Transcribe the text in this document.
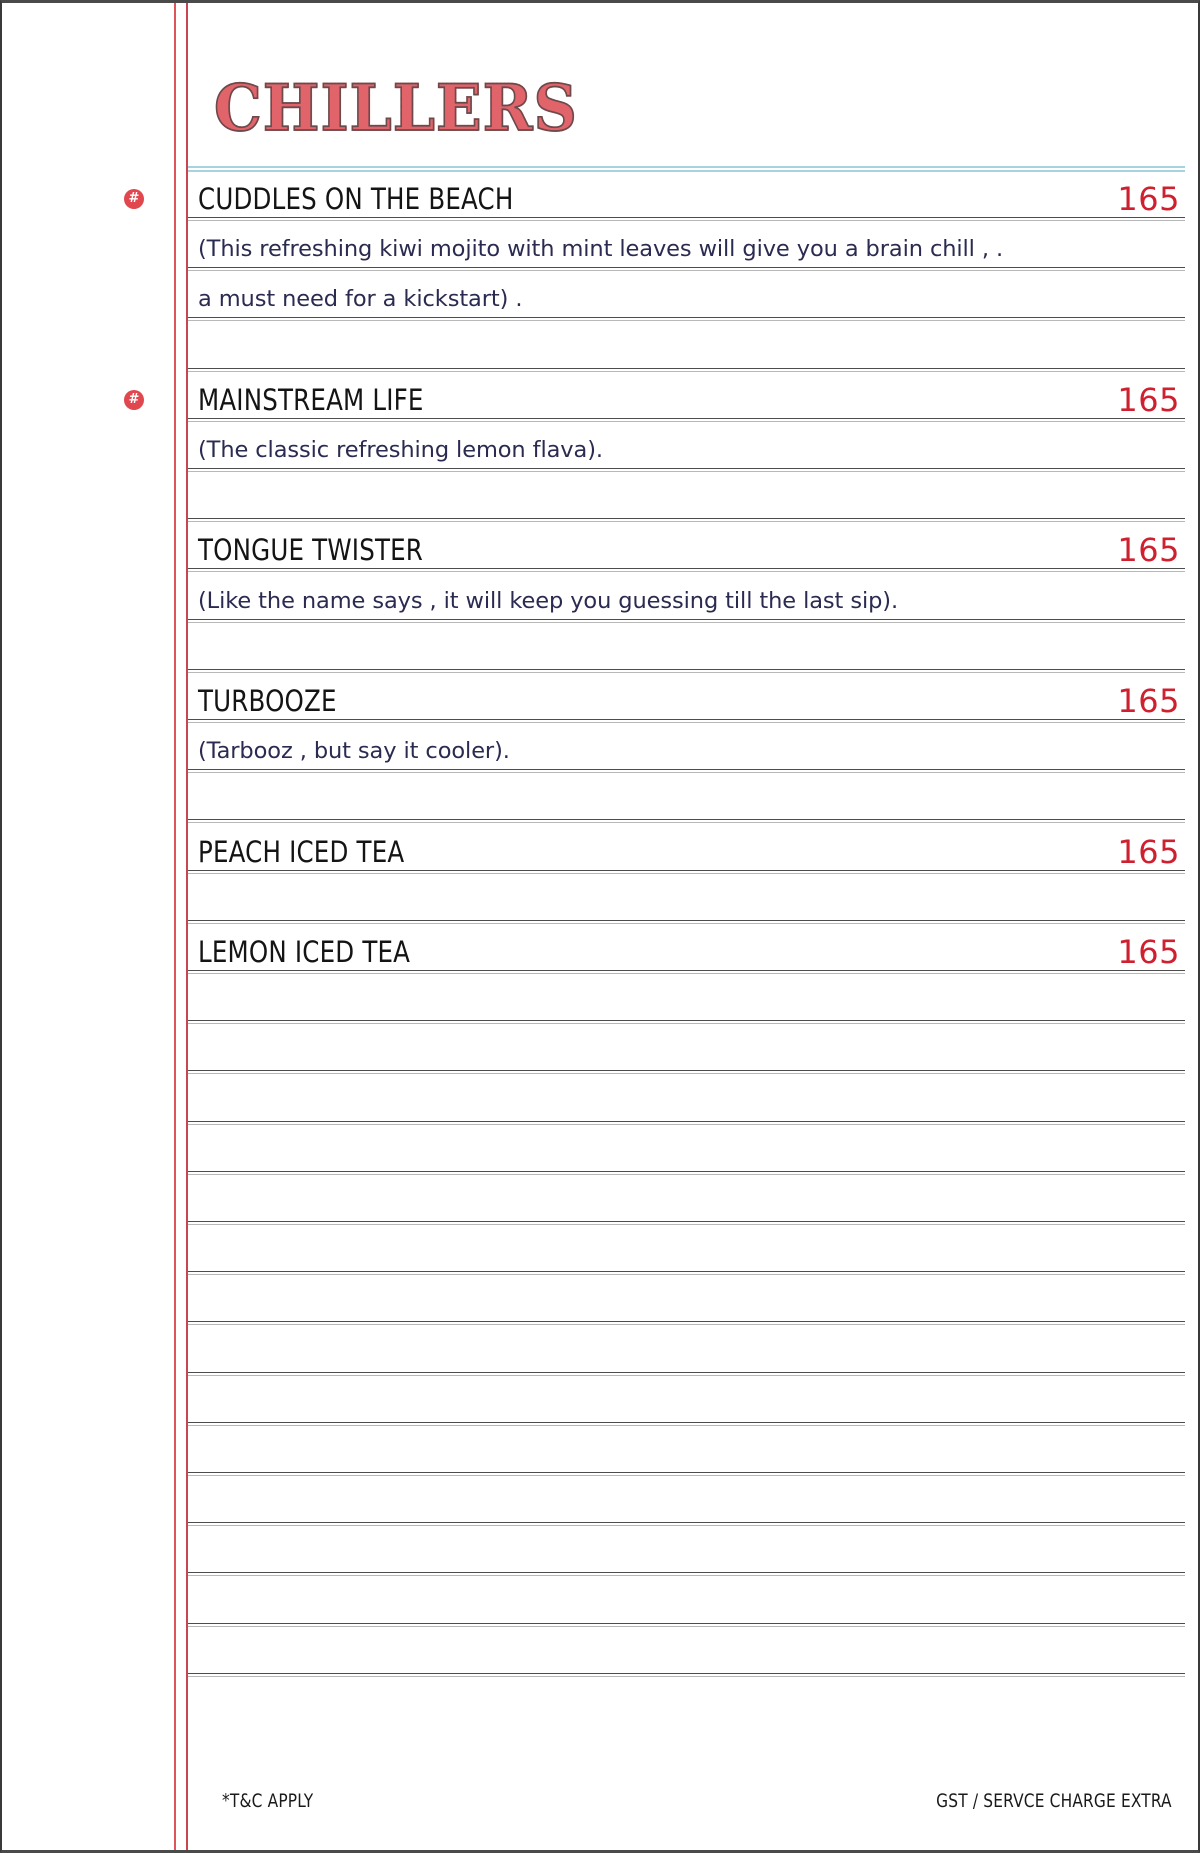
CHILLERS
CUDDLES ON THE BEACH	165
(This refreshing kiwi mojito with mint leaves will give you a brain chill , .
a must need for a kickstart) .
MAINSTREAM LIFE	165
(The classic refreshing lemon flava).
TONGUE TWISTER	165
(Like the name says , it will keep you guessing till the last sip).
TURBOOZE	165
(Tarbooz , but say it cooler).
PEACH ICED TEA	165
LEMON ICED TEA	165
*T&C APPLY	GST / SERVCE CHARGE EXTRA
#
#
